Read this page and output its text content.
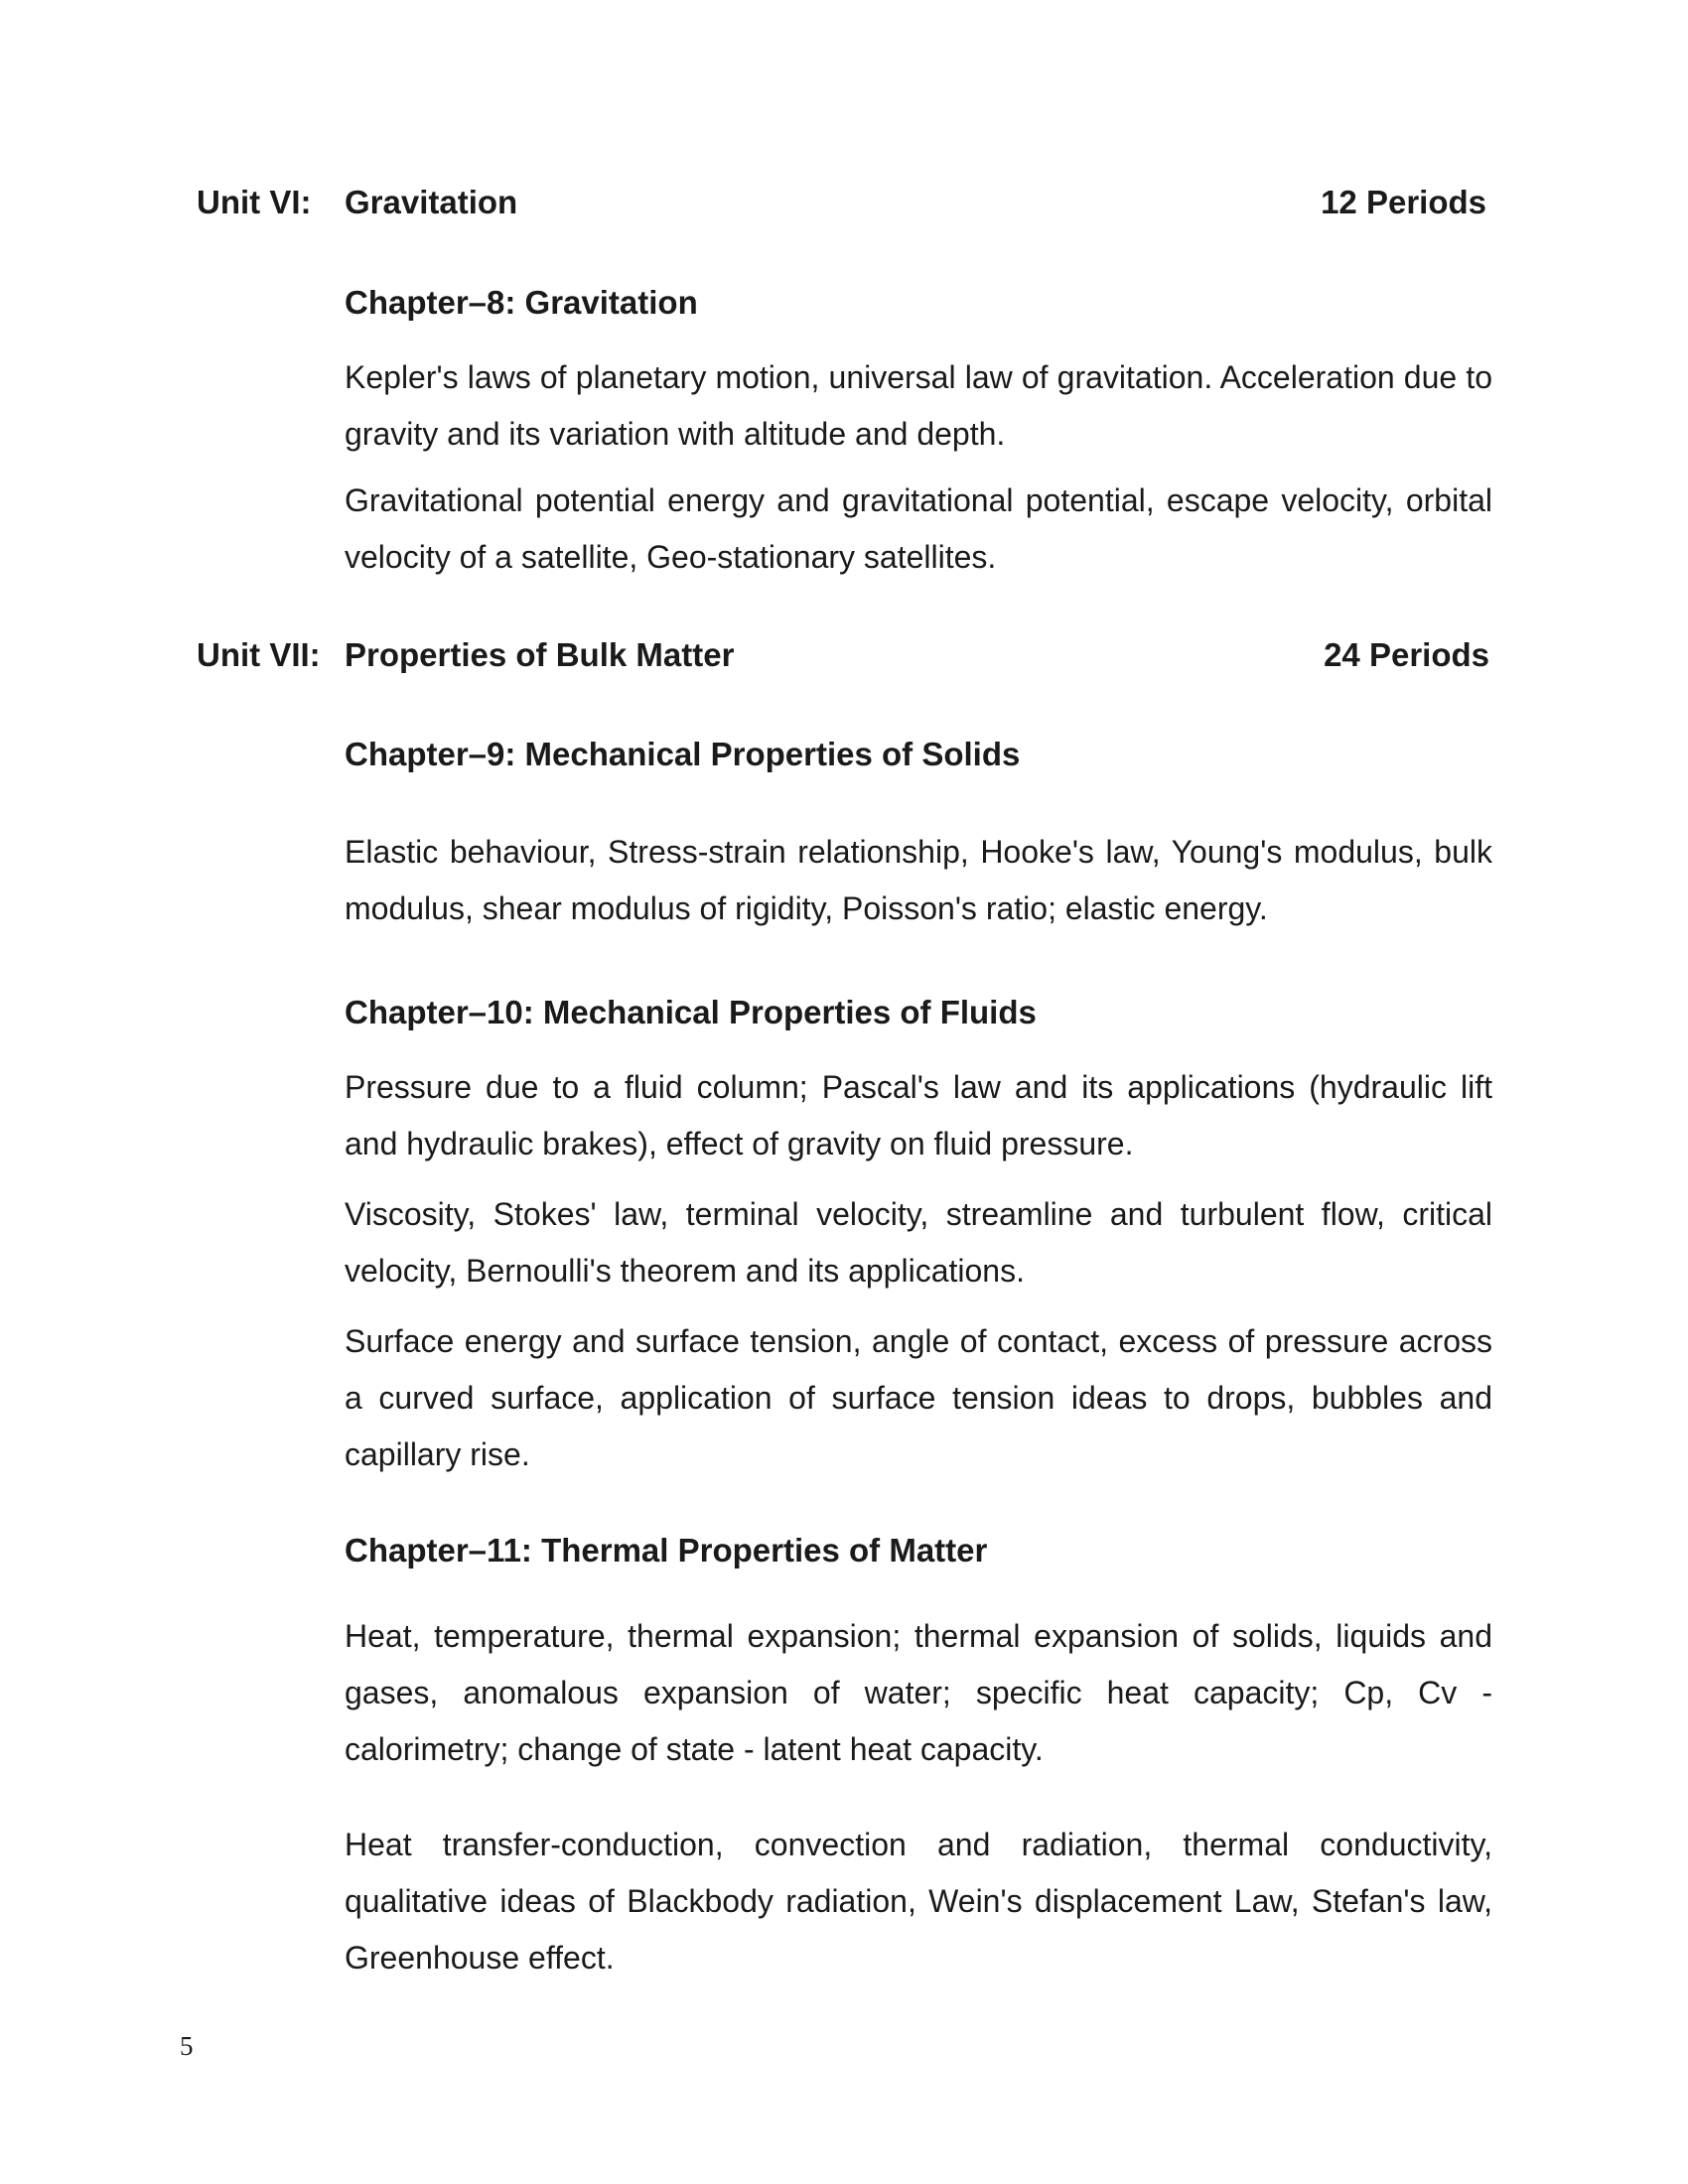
Unit VI: Gravitation	12 Periods
Chapter–8: Gravitation
Kepler's laws of planetary motion, universal law of gravitation. Acceleration due to gravity and its variation with altitude and depth.
Gravitational potential energy and gravitational potential, escape velocity, orbital velocity of a satellite, Geo-stationary satellites.
Unit VII: Properties of Bulk Matter	24 Periods
Chapter–9: Mechanical Properties of Solids
Elastic behaviour, Stress-strain relationship, Hooke's law, Young's modulus, bulk modulus, shear modulus of rigidity, Poisson's ratio; elastic energy.
Chapter–10: Mechanical Properties of Fluids
Pressure due to a fluid column; Pascal's law and its applications (hydraulic lift and hydraulic brakes), effect of gravity on fluid pressure.
Viscosity, Stokes' law, terminal velocity, streamline and turbulent flow, critical velocity, Bernoulli's theorem and its applications.
Surface energy and surface tension, angle of contact, excess of pressure across a curved surface, application of surface tension ideas to drops, bubbles and capillary rise.
Chapter–11: Thermal Properties of Matter
Heat, temperature, thermal expansion; thermal expansion of solids, liquids and gases, anomalous expansion of water; specific heat capacity; Cp, Cv - calorimetry; change of state - latent heat capacity.
Heat transfer-conduction, convection and radiation, thermal conductivity, qualitative ideas of Blackbody radiation, Wein's displacement Law, Stefan's law, Greenhouse effect.
5
